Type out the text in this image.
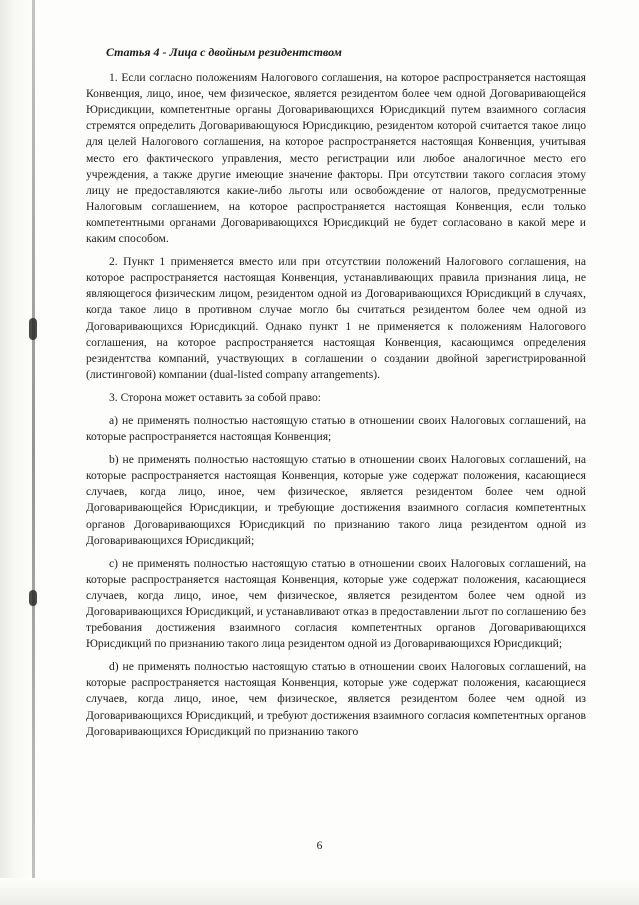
Статья 4 - Лица с двойным резидентством

1. Если согласно положениям Налогового соглашения, на которое распространяется настоящая Конвенция, лицо, иное, чем физическое, является резидентом более чем одной Договаривающейся Юрисдикции, компетентные органы Договаривающихся Юрисдикций путем взаимного согласия стремятся определить Договаривающуюся Юрисдикцию, резидентом которой считается такое лицо для целей Налогового соглашения, на которое распространяется настоящая Конвенция, учитывая место его фактического управления, место регистрации или любое аналогичное место его учреждения, а также другие имеющие значение факторы. При отсутствии такого согласия этому лицу не предоставляются какие-либо льготы или освобождение от налогов, предусмотренные Налоговым соглашением, на которое распространяется настоящая Конвенция, если только компетентными органами Договаривающихся Юрисдикций не будет согласовано в какой мере и каким способом.

2. Пункт 1 применяется вместо или при отсутствии положений Налогового соглашения, на которое распространяется настоящая Конвенция, устанавливающих правила признания лица, не являющегося физическим лицом, резидентом одной из Договаривающихся Юрисдикций в случаях, когда такое лицо в противном случае могло бы считаться резидентом более чем одной из Договаривающихся Юрисдикций. Однако пункт 1 не применяется к положениям Налогового соглашения, на которое распространяется настоящая Конвенция, касающимся определения резидентства компаний, участвующих в соглашении о создании двойной зарегистрированной (листинговой) компании (dual-listed company arrangements).

3. Сторона может оставить за собой право:

a) не применять полностью настоящую статью в отношении своих Налоговых соглашений, на которые распространяется настоящая Конвенция;

b) не применять полностью настоящую статью в отношении своих Налоговых соглашений, на которые распространяется настоящая Конвенция, которые уже содержат положения, касающиеся случаев, когда лицо, иное, чем физическое, является резидентом более чем одной Договаривающейся Юрисдикции, и требующие достижения взаимного согласия компетентных органов Договаривающихся Юрисдикций по признанию такого лица резидентом одной из Договаривающихся Юрисдикций;

c) не применять полностью настоящую статью в отношении своих Налоговых соглашений, на которые распространяется настоящая Конвенция, которые уже содержат положения, касающиеся случаев, когда лицо, иное, чем физическое, является резидентом более чем одной из Договаривающихся Юрисдикций, и устанавливают отказ в предоставлении льгот по соглашению без требования достижения взаимного согласия компетентных органов Договаривающихся Юрисдикций по признанию такого лица резидентом одной из Договаривающихся Юрисдикций;

d) не применять полностью настоящую статью в отношении своих Налоговых соглашений, на которые распространяется настоящая Конвенция, которые уже содержат положения, касающиеся случаев, когда лицо, иное, чем физическое, является резидентом более чем одной из Договаривающихся Юрисдикций, и требуют достижения взаимного согласия компетентных органов Договаривающихся Юрисдикций по признанию такого

6
